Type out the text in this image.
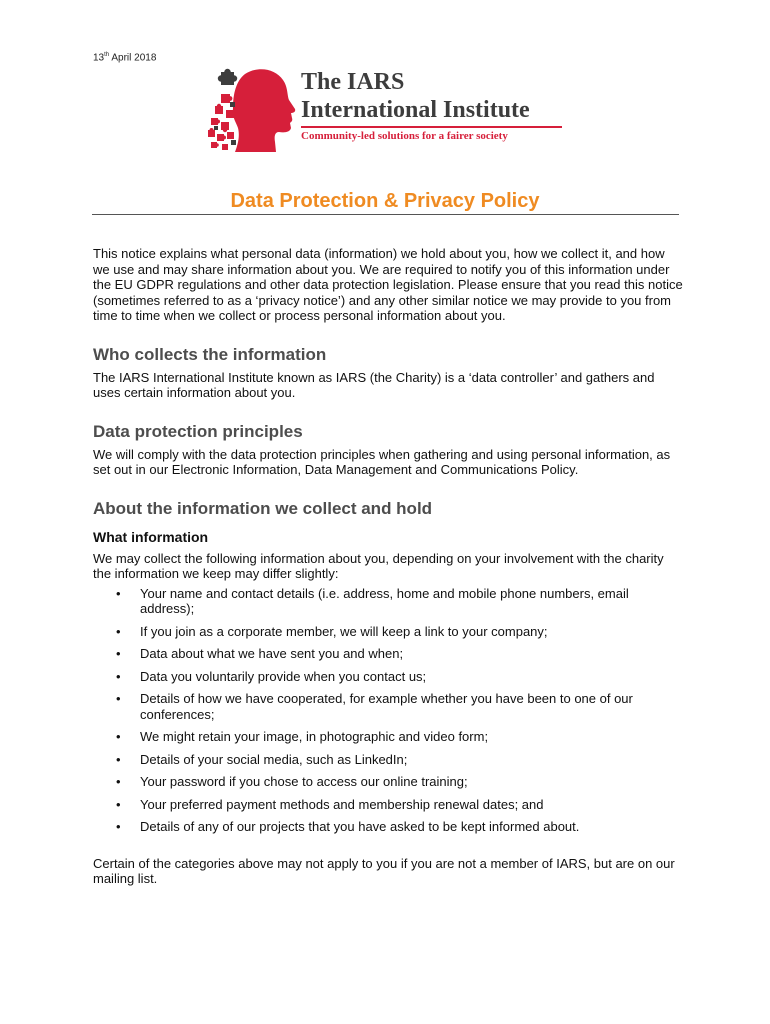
13th April 2018
The IARS
International Institute
Community-led solutions for a fairer society
Data Protection & Privacy Policy

This notice explains what personal data (information) we hold about you, how we collect it, and how we use and may share information about you. We are required to notify you of this information under the EU GDPR regulations and other data protection legislation. Please ensure that you read this notice (sometimes referred to as a ‘privacy notice’) and any other similar notice we may provide to you from time to time when we collect or process personal information about you.

Who collects the information

The IARS International Institute known as IARS (the Charity) is a ‘data controller’ and gathers and uses certain information about you.

Data protection principles

We will comply with the data protection principles when gathering and using personal information, as set out in our Electronic Information, Data Management and Communications Policy.

About the information we collect and hold
What information

We may collect the following information about you, depending on your involvement with the charity the information we keep may differ slightly:

• Your name and contact details (i.e. address, home and mobile phone numbers, email address);
• If you join as a corporate member, we will keep a link to your company;
• Data about what we have sent you and when;
• Data you voluntarily provide when you contact us;
• Details of how we have cooperated, for example whether you have been to one of our conferences;
• We might retain your image, in photographic and video form;
• Details of your social media, such as LinkedIn;
• Your password if you chose to access our online training;
• Your preferred payment methods and membership renewal dates; and
• Details of any of our projects that you have asked to be kept informed about.

Certain of the categories above may not apply to you if you are not a member of IARS, but are on our mailing list.
